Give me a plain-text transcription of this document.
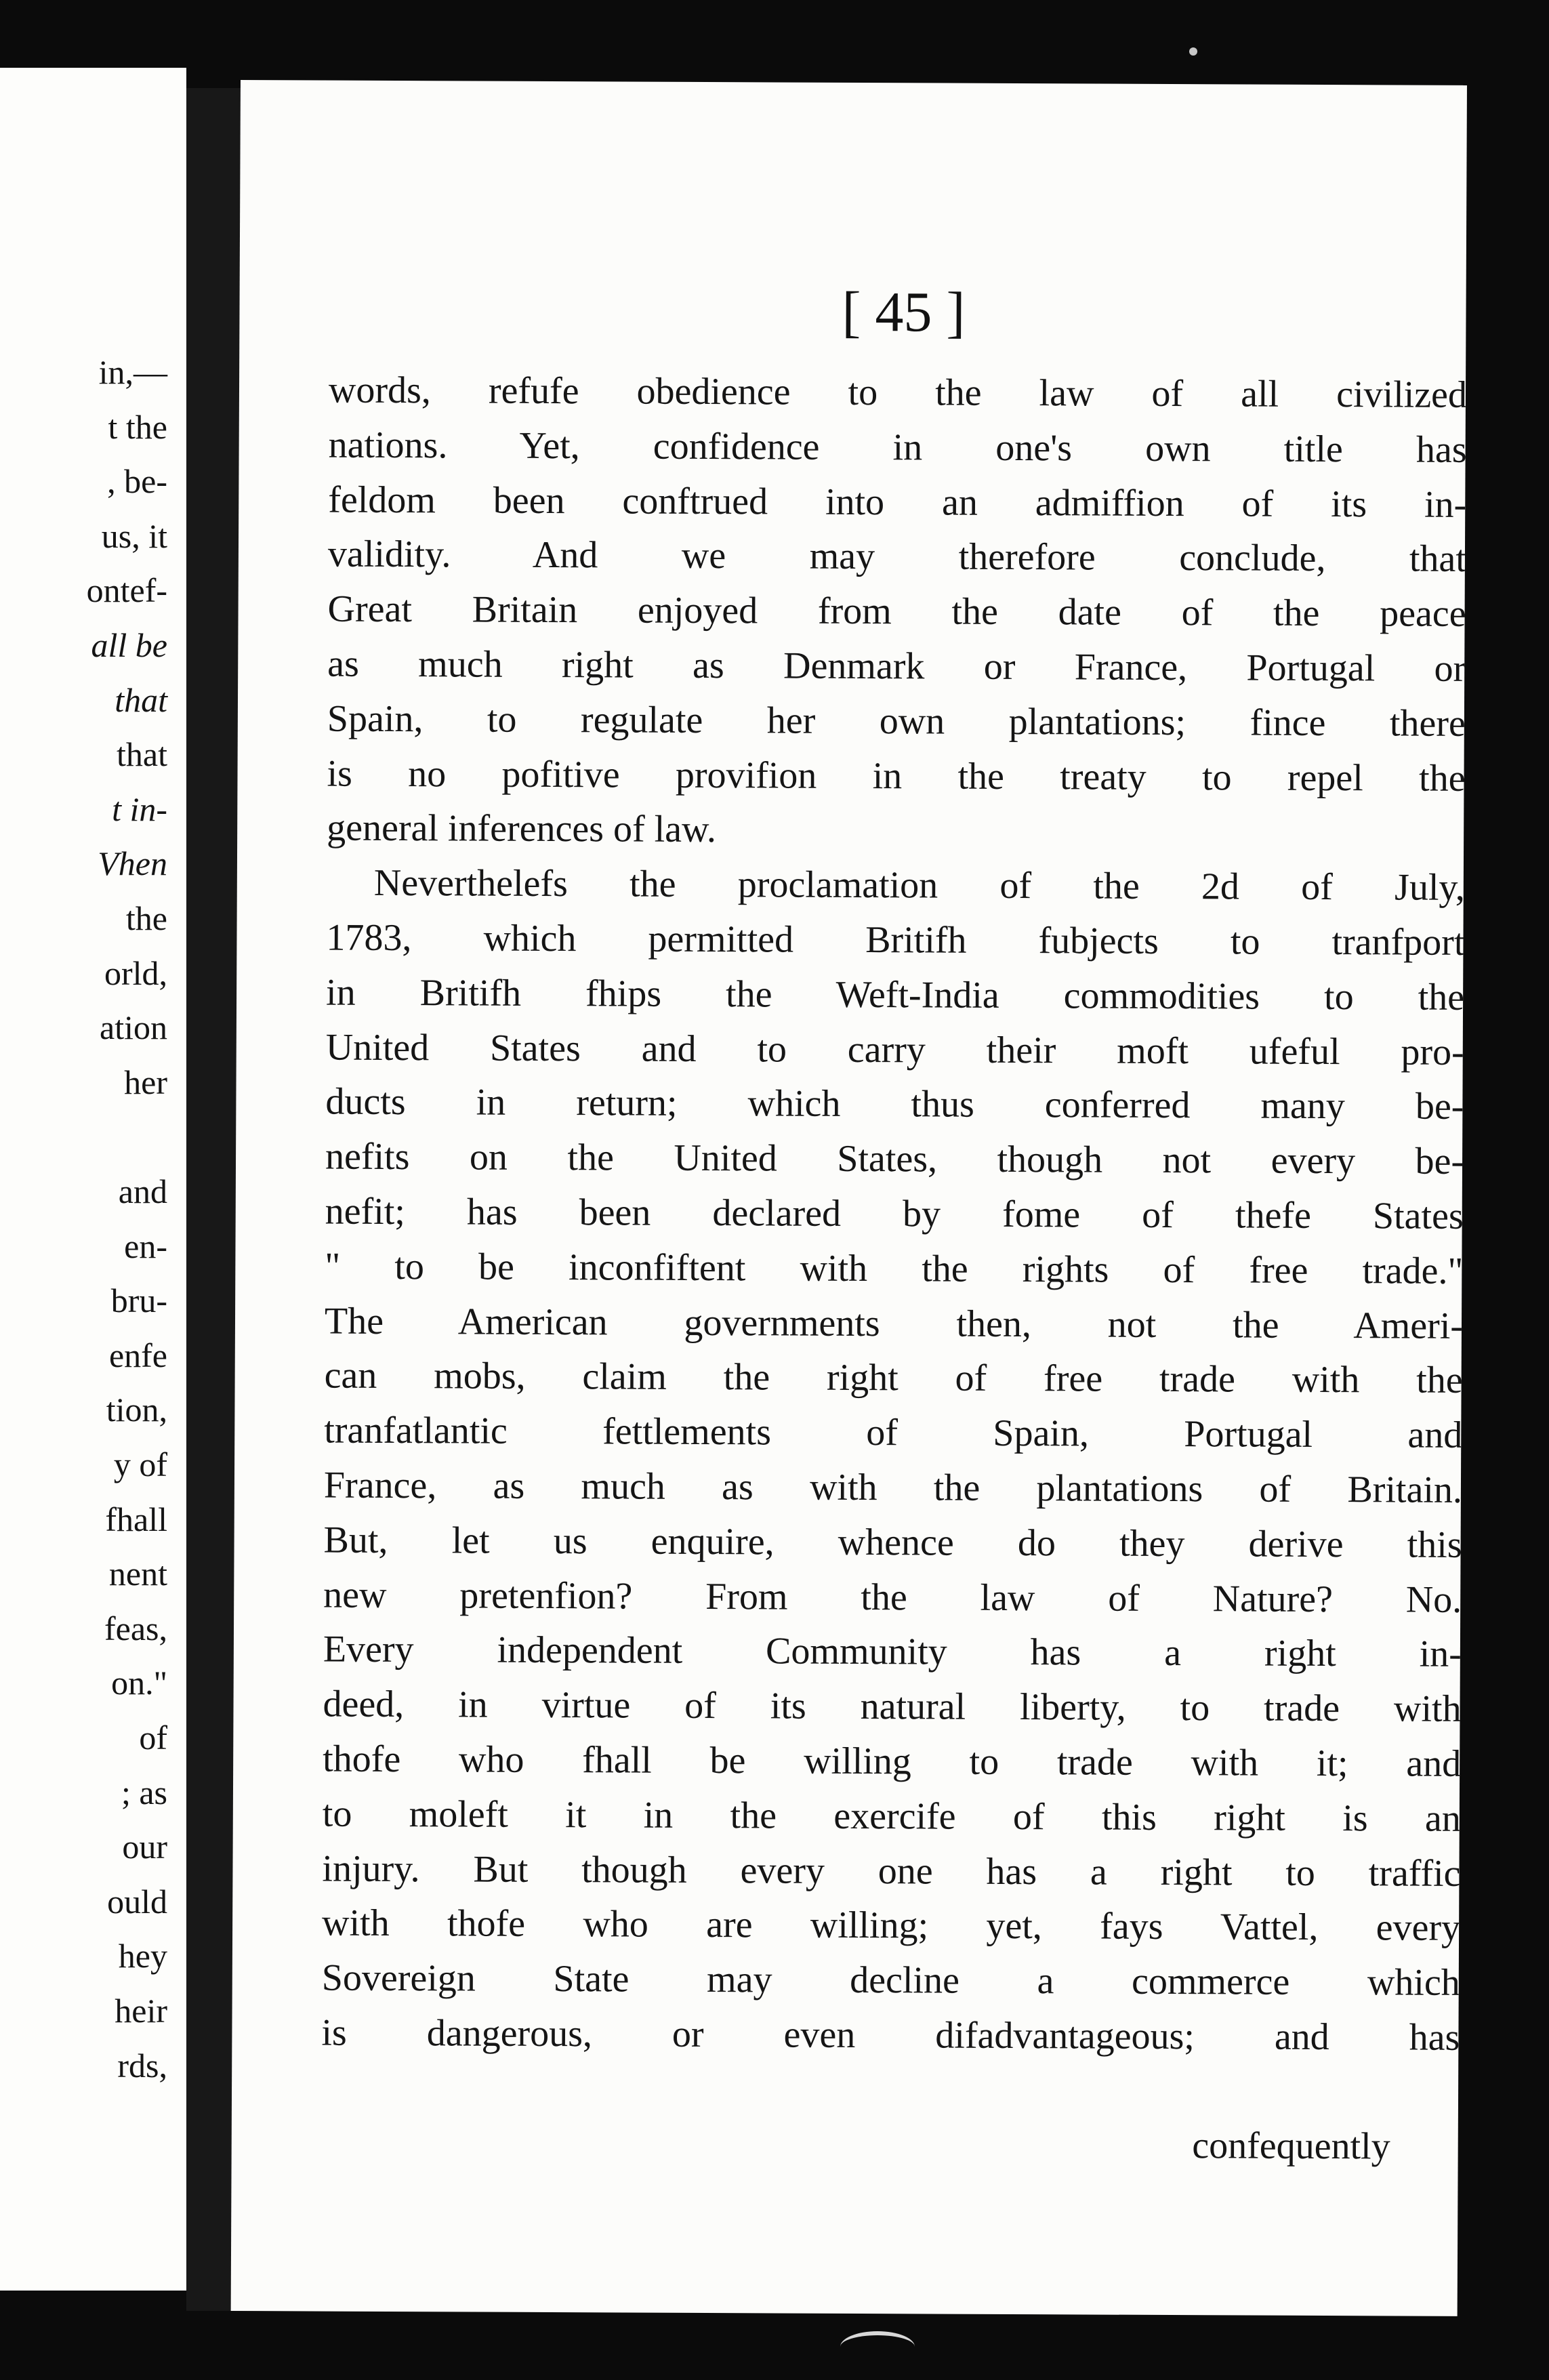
in,—

t the

, be-

us, it

ontef-

all be

that

that

t in-

Vhen

the

orld,

ation

her

and

en-

bru-

enfe

tion,

y of

fhall

nent

feas,

on."

of

; as

our

ould

hey

heir

rds,

[ 45 ]

words, refufe obedience to the law of all civilized

nations. Yet, confidence in one's own title has

feldom been conftrued into an admiffion of its in-

validity. And we may therefore conclude, that

Great Britain enjoyed from the date of the peace

as much right as Denmark or France, Portugal or

Spain, to regulate her own plantations; fince there

is no pofitive provifion in the treaty to repel the

general inferences of law.

Neverthelefs the proclamation of the 2d of July,

1783, which permitted Britifh fubjects to tranfport

in Britifh fhips the Weft-India commodities to the

United States and to carry their moft ufeful pro-

ducts in return; which thus conferred many be-

nefits on the United States, though not every be-

nefit; has been declared by fome of thefe States

" to be inconfiftent with the rights of free trade."

The American governments then, not the Ameri-

can mobs, claim the right of free trade with the

tranfatlantic fettlements of Spain, Portugal and

France, as much as with the plantations of Britain.

But, let us enquire, whence do they derive this

new pretenfion? From the law of Nature? No.

Every independent Community has a right in-

deed, in virtue of its natural liberty, to trade with

thofe who fhall be willing to trade with it; and

to moleft it in the exercife of this right is an

injury. But though every one has a right to traffic

with thofe who are willing; yet, fays Vattel, every

Sovereign State may decline a commerce which

is dangerous, or even difadvantageous; and has

confequently
